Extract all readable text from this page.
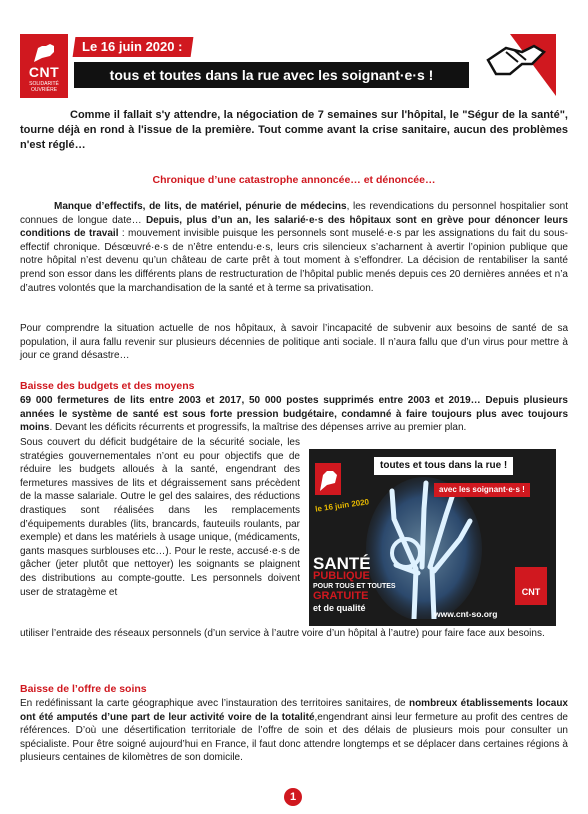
CNT
SOLIDARITÉ OUVRIÈRE
Le 16 juin 2020 :
tous et toutes dans la rue avec les soignant·e·s !
Comme il fallait s'y attendre, la négociation de 7 semaines sur l'hôpital, le "Ségur de la santé", tourne déjà en rond à l'issue de la première. Tout comme avant la crise sanitaire, aucun des problèmes n'est réglé…
Chronique d’une catastrophe annoncée… et dénoncée…

Manque d’effectifs, de lits, de matériel, pénurie de médecins, les revendications du personnel hospitalier sont connues de longue date… Depuis, plus d’un an, les salarié·e·s des hôpitaux sont en grève pour dénoncer leurs conditions de travail : mouvement invisible puisque les personnels sont muselé·e·s par les assignations du fait du sous-effectif chronique. Désœuvré·e·s de n’être entendu·e·s, leurs cris silencieux s’acharnent à avertir l’opinion publique que notre hôpital n’est devenu qu’un château de carte prêt à tout moment à s’effondrer. La décision de rentabiliser la santé prend son essor dans les différents plans de restructuration de l’hôpital public menés depuis ces 20 dernières années et n’a d’autres volontés que la marchandisation de la santé et à terme sa privatisation.

Pour comprendre la situation actuelle de nos hôpitaux, à savoir l’incapacité de subvenir aux besoins de santé de sa population, il aura fallu revenir sur plusieurs décennies de politique anti sociale. Il n’aura fallu que d’un virus pour mettre à jour ce grand désastre…

Baisse des budgets et des moyens

69 000 fermetures de lits entre 2003 et 2017, 50 000 postes supprimés entre 2003 et 2019… Depuis plusieurs années le système de santé est sous forte pression budgétaire, condamné à faire toujours plus avec toujours moins. Devant les déficits récurrents et progressifs, la maîtrise des dépenses arrive au premier plan.

Sous couvert du déficit budgétaire de la sécurité sociale, les stratégies gouvernementales n’ont eu pour objectifs que de réduire les budgets alloués à la santé, engendrant des fermetures massives de lits et dégraissement sans précèdent de la masse salariale. Outre le gel des salaires, des réductions drastiques sont réalisées dans les remplacements d’équipements durables (lits, brancards, fauteuils roulants, par exemple) et dans les matériels à usage unique, (médicaments, gants masques surblouses etc…). Pour le reste, accusé·e·s de gâcher (jeter plutôt que nettoyer) les soignants se plaignent des distributions au compte-goutte. Les personnels doivent user de stratagème et

utiliser l’entraide des réseaux personnels (d’un service à l’autre voire d’un hôpital à l’autre) pour faire face aux besoins.

toutes et tous dans la rue !
avec les soignant·e·s !
le 16 juin 2020
SANTÉ
PUBLIQUE
POUR TOUS ET TOUTES
GRATUITE
et de qualité
CNT
www.cnt-so.org
Baisse de l’offre de soins

En redéfinissant la carte géographique avec l’instauration des territoires sanitaires, de nombreux établissements locaux ont été amputés d’une part de leur activité voire de la totalité,engendrant ainsi leur fermeture au profit des centres de références. D’où une désertification territoriale de l’offre de soin et des délais de plusieurs mois pour consulter un spécialiste. Pour être soigné aujourd’hui en France, il faut donc attendre longtemps et se déplacer dans certaines régions à plusieurs centaines de kilomètres de son domicile.

1
